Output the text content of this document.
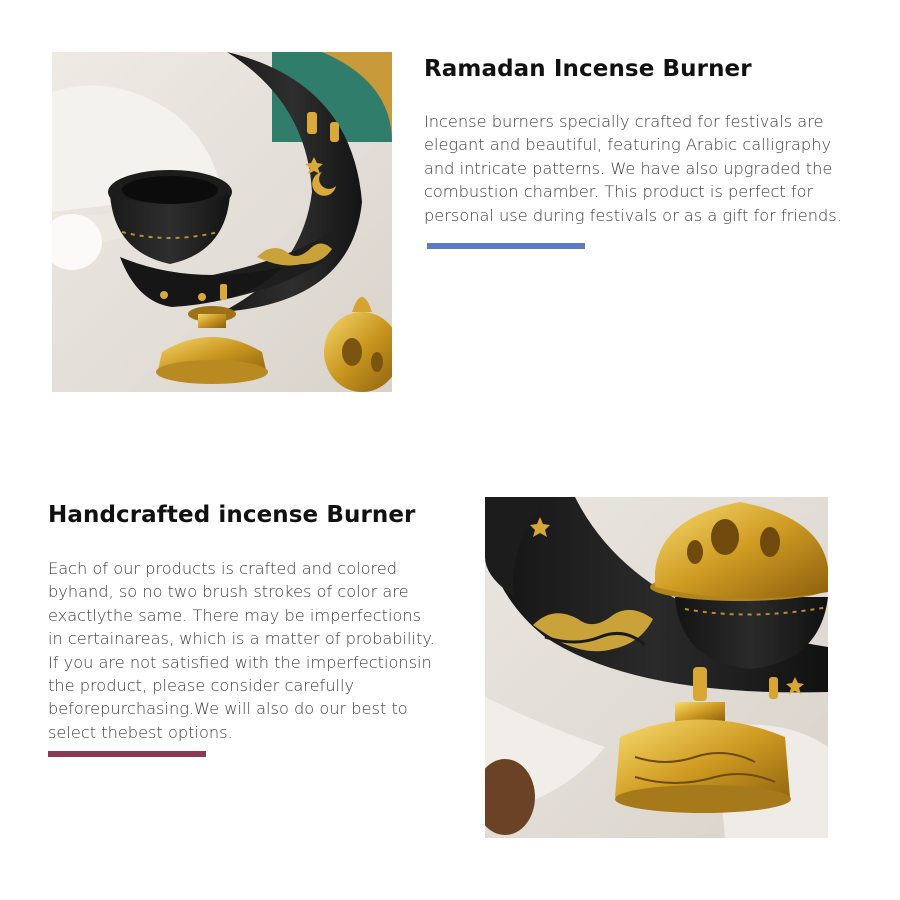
Ramadan Incense Burner
Incense burners specially crafted for festivals are
elegant and beautiful, featuring Arabic calligraphy
and intricate patterns. We have also upgraded the
combustion chamber. This product is perfect for
personal use during festivals or as a gift for friends.
Handcrafted incense Burner
Each of our products is crafted and colored
byhand, so no two brush strokes of color are
exactlythe same. There may be imperfections
in certainareas, which is a matter of probability.
If you are not satisfied with the imperfectionsin
the product, please consider carefully
beforepurchasing.We will also do our best to
select thebest options.
